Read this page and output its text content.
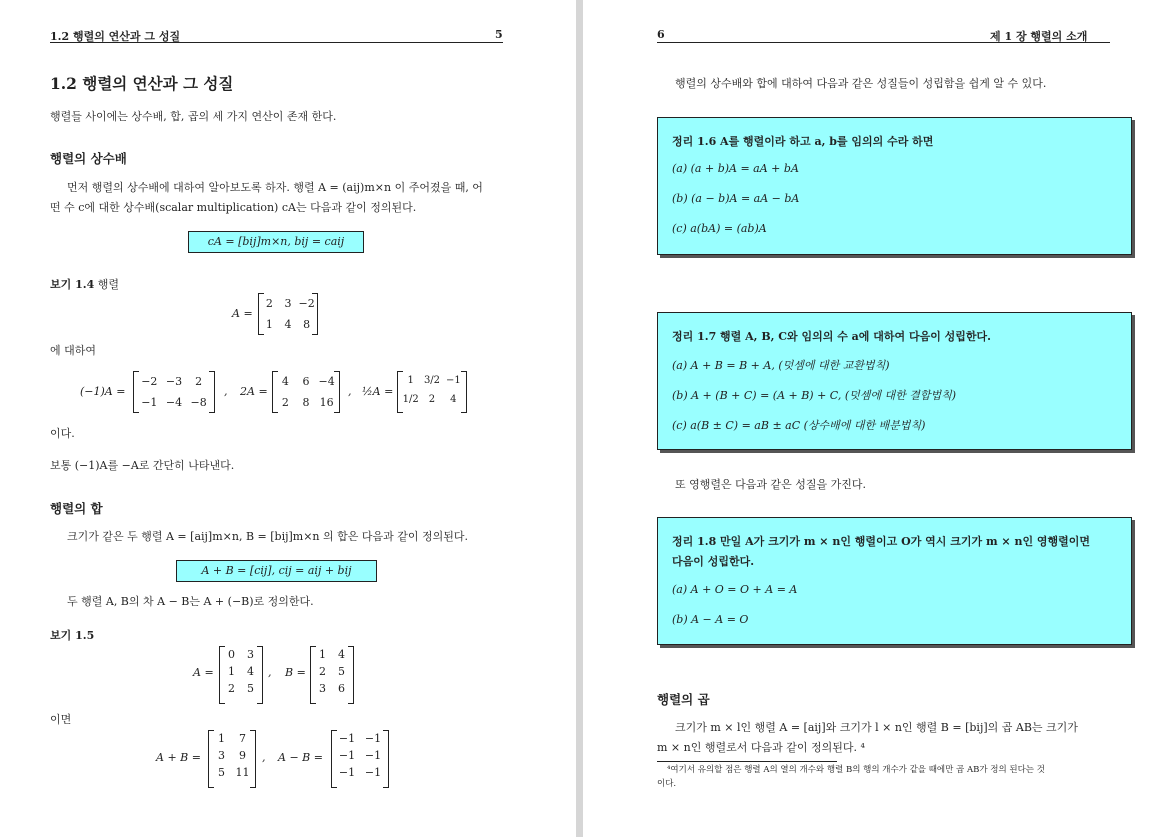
1.2 행렬의 연산과 그 성질	5
1.2 행렬의 연산과 그 성질
행렬들 사이에는 상수배, 합, 곱의 세 가지 연산이 존재 한다.
행렬의 상수배
먼저 행렬의 상수배에 대하여 알아보도록 하자. 행렬 A = (aij)m×n 이 주어졌을 때, 어
떤 수 c에 대한 상수배(scalar multiplication) cA는 다음과 같이 정의된다.
cA = [bij]m×n, bij = caij
보기 1.4 행렬
A =
2	3 −2
1	4	8
에 대하여
(−1)A =
−2 −3	2
−1 −4 −8
, 2A =
4	6 −4
2	8 16
, ½A =
1	3/2 −1
1/2	2	4
이다.
보통 (−1)A를 −A로 간단히 나타낸다.
행렬의 합
크기가 같은 두 행렬 A = [aij]m×n, B = [bij]m×n 의 합은 다음과 같이 정의된다.
A + B = [cij], cij = aij + bij
두 행렬 A, B의 차 A − B는 A + (−B)로 정의한다.
보기 1.5
A =
0	3
1	4
2	5
, B =
1	4
2	5
3	6
이면
A + B =
1	7
3	9
5 11
, A − B =
−1 −1
−1 −1
−1 −1
6	제 1 장 행렬의 소개
행렬의 상수배와 합에 대하여 다음과 같은 성질들이 성립함을 쉽게 알 수 있다.
정리 1.6 A를 행렬이라 하고 a, b를 임의의 수라 하면
(a) (a + b)A = aA + bA
(b) (a − b)A = aA − bA
(c) a(bA) = (ab)A
정리 1.7 행렬 A, B, C와 임의의 수 a에 대하여 다음이 성립한다.
(a) A + B = B + A, (덧셈에 대한 교환법칙)
(b) A + (B + C) = (A + B) + C, (덧셈에 대한 결합법칙)
(c) a(B ± C) = aB ± aC (상수배에 대한 배분법칙)
또 영행렬은 다음과 같은 성질을 가진다.
정리 1.8 만일 A가 크기가 m × n인 행렬이고 O가 역시 크기가 m × n인 영행렬이면
다음이 성립한다.
(a) A + O = O + A = A
(b) A − A = O
행렬의 곱
크기가 m × l인 행렬 A = [aij]와 크기가 l × n인 행렬 B = [bij]의 곱 AB는 크기가
m × n인 행렬로서 다음과 같이 정의된다. ⁴
⁴여기서 유의할 점은 행렬 A의 열의 개수와 행렬 B의 행의 개수가 같을 때에만 곱 AB가 정의 된다는 것
이다.
